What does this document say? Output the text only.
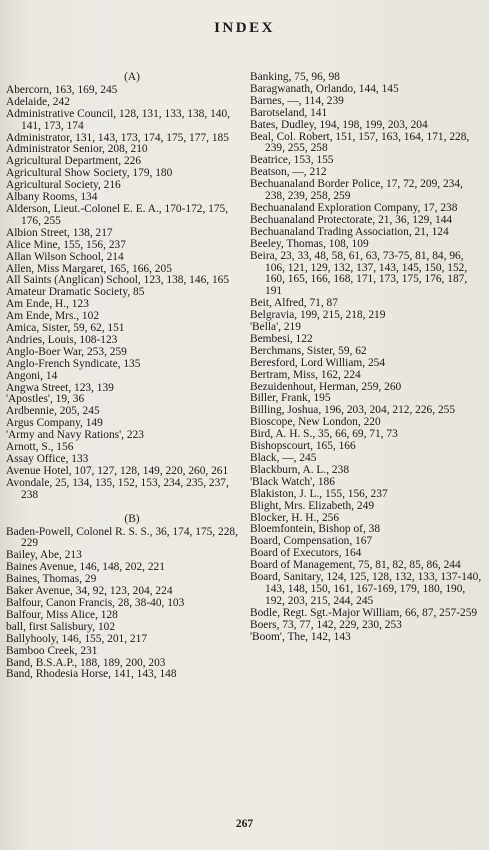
INDEX
(A)
Abercorn, 163, 169, 245
Adelaide, 242
Administrative Council, 128, 131, 133, 138, 140, 141, 173, 174
Administrator, 131, 143, 173, 174, 175, 177, 185
Administrator Senior, 208, 210
Agricultural Department, 226
Agricultural Show Society, 179, 180
Agricultural Society, 216
Albany Rooms, 134
Alderson, Lieut.-Colonel E. E. A., 170-172, 175, 176, 255
Albion Street, 138, 217
Alice Mine, 155, 156, 237
Allan Wilson School, 214
Allen, Miss Margaret, 165, 166, 205
All Saints (Anglican) School, 123, 138, 146, 165
Amateur Dramatic Society, 85
Am Ende, H., 123
Am Ende, Mrs., 102
Amica, Sister, 59, 62, 151
Andries, Louis, 108-123
Anglo-Boer War, 253, 259
Anglo-French Syndicate, 135
Angoni, 14
Angwa Street, 123, 139
'Apostles', 19, 36
Ardbennie, 205, 245
Argus Company, 149
'Army and Navy Rations', 223
Arnott, S., 156
Assay Office, 133
Avenue Hotel, 107, 127, 128, 149, 220, 260, 261
Avondale, 25, 134, 135, 152, 153, 234, 235, 237, 238
(B)
Baden-Powell, Colonel R. S. S., 36, 174, 175, 228, 229
Bailey, Abe, 213
Baines Avenue, 146, 148, 202, 221
Baines, Thomas, 29
Baker Avenue, 34, 92, 123, 204, 224
Balfour, Canon Francis, 28, 38-40, 103
Balfour, Miss Alice, 128
ball, first Salisbury, 102
Ballyhooly, 146, 155, 201, 217
Bamboo Creek, 231
Band, B.S.A.P., 188, 189, 200, 203
Band, Rhodesia Horse, 141, 143, 148
Banking, 75, 96, 98
Baragwanath, Orlando, 144, 145
Barnes, —, 114, 239
Barotseland, 141
Bates, Dudley, 194, 198, 199, 203, 204
Beal, Col. Robert, 151, 157, 163, 164, 171, 228, 239, 255, 258
Beatrice, 153, 155
Beatson, —, 212
Bechuanaland Border Police, 17, 72, 209, 234, 238, 239, 258, 259
Bechuanaland Exploration Company, 17, 238
Bechuanaland Protectorate, 21, 36, 129, 144
Bechuanaland Trading Association, 21, 124
Beeley, Thomas, 108, 109
Beira, 23, 33, 48, 58, 61, 63, 73-75, 81, 84, 96, 106, 121, 129, 132, 137, 143, 145, 150, 152, 160, 165, 166, 168, 171, 173, 175, 176, 187, 191
Beit, Alfred, 71, 87
Belgravia, 199, 215, 218, 219
'Bella', 219
Bembesi, 122
Berchmans, Sister, 59, 62
Beresford, Lord William, 254
Bertram, Miss, 162, 224
Bezuidenhout, Herman, 259, 260
Biller, Frank, 195
Billing, Joshua, 196, 203, 204, 212, 226, 255
Bioscope, New London, 220
Bird, A. H. S., 35, 66, 69, 71, 73
Bishopscourt, 165, 166
Black, —, 245
Blackburn, A. L., 238
'Black Watch', 186
Blakiston, J. L., 155, 156, 237
Blight, Mrs. Elizabeth, 249
Blocker, H. H., 256
Bloemfontein, Bishop of, 38
Board, Compensation, 167
Board of Executors, 164
Board of Management, 75, 81, 82, 85, 86, 244
Board, Sanitary, 124, 125, 128, 132, 133, 137-140, 143, 148, 150, 161, 167-169, 179, 180, 190, 192, 203, 215, 244, 245
Bodle, Regt. Sgt.-Major William, 66, 87, 257-259
Boers, 73, 77, 142, 229, 230, 253
'Boom', The, 142, 143
267
